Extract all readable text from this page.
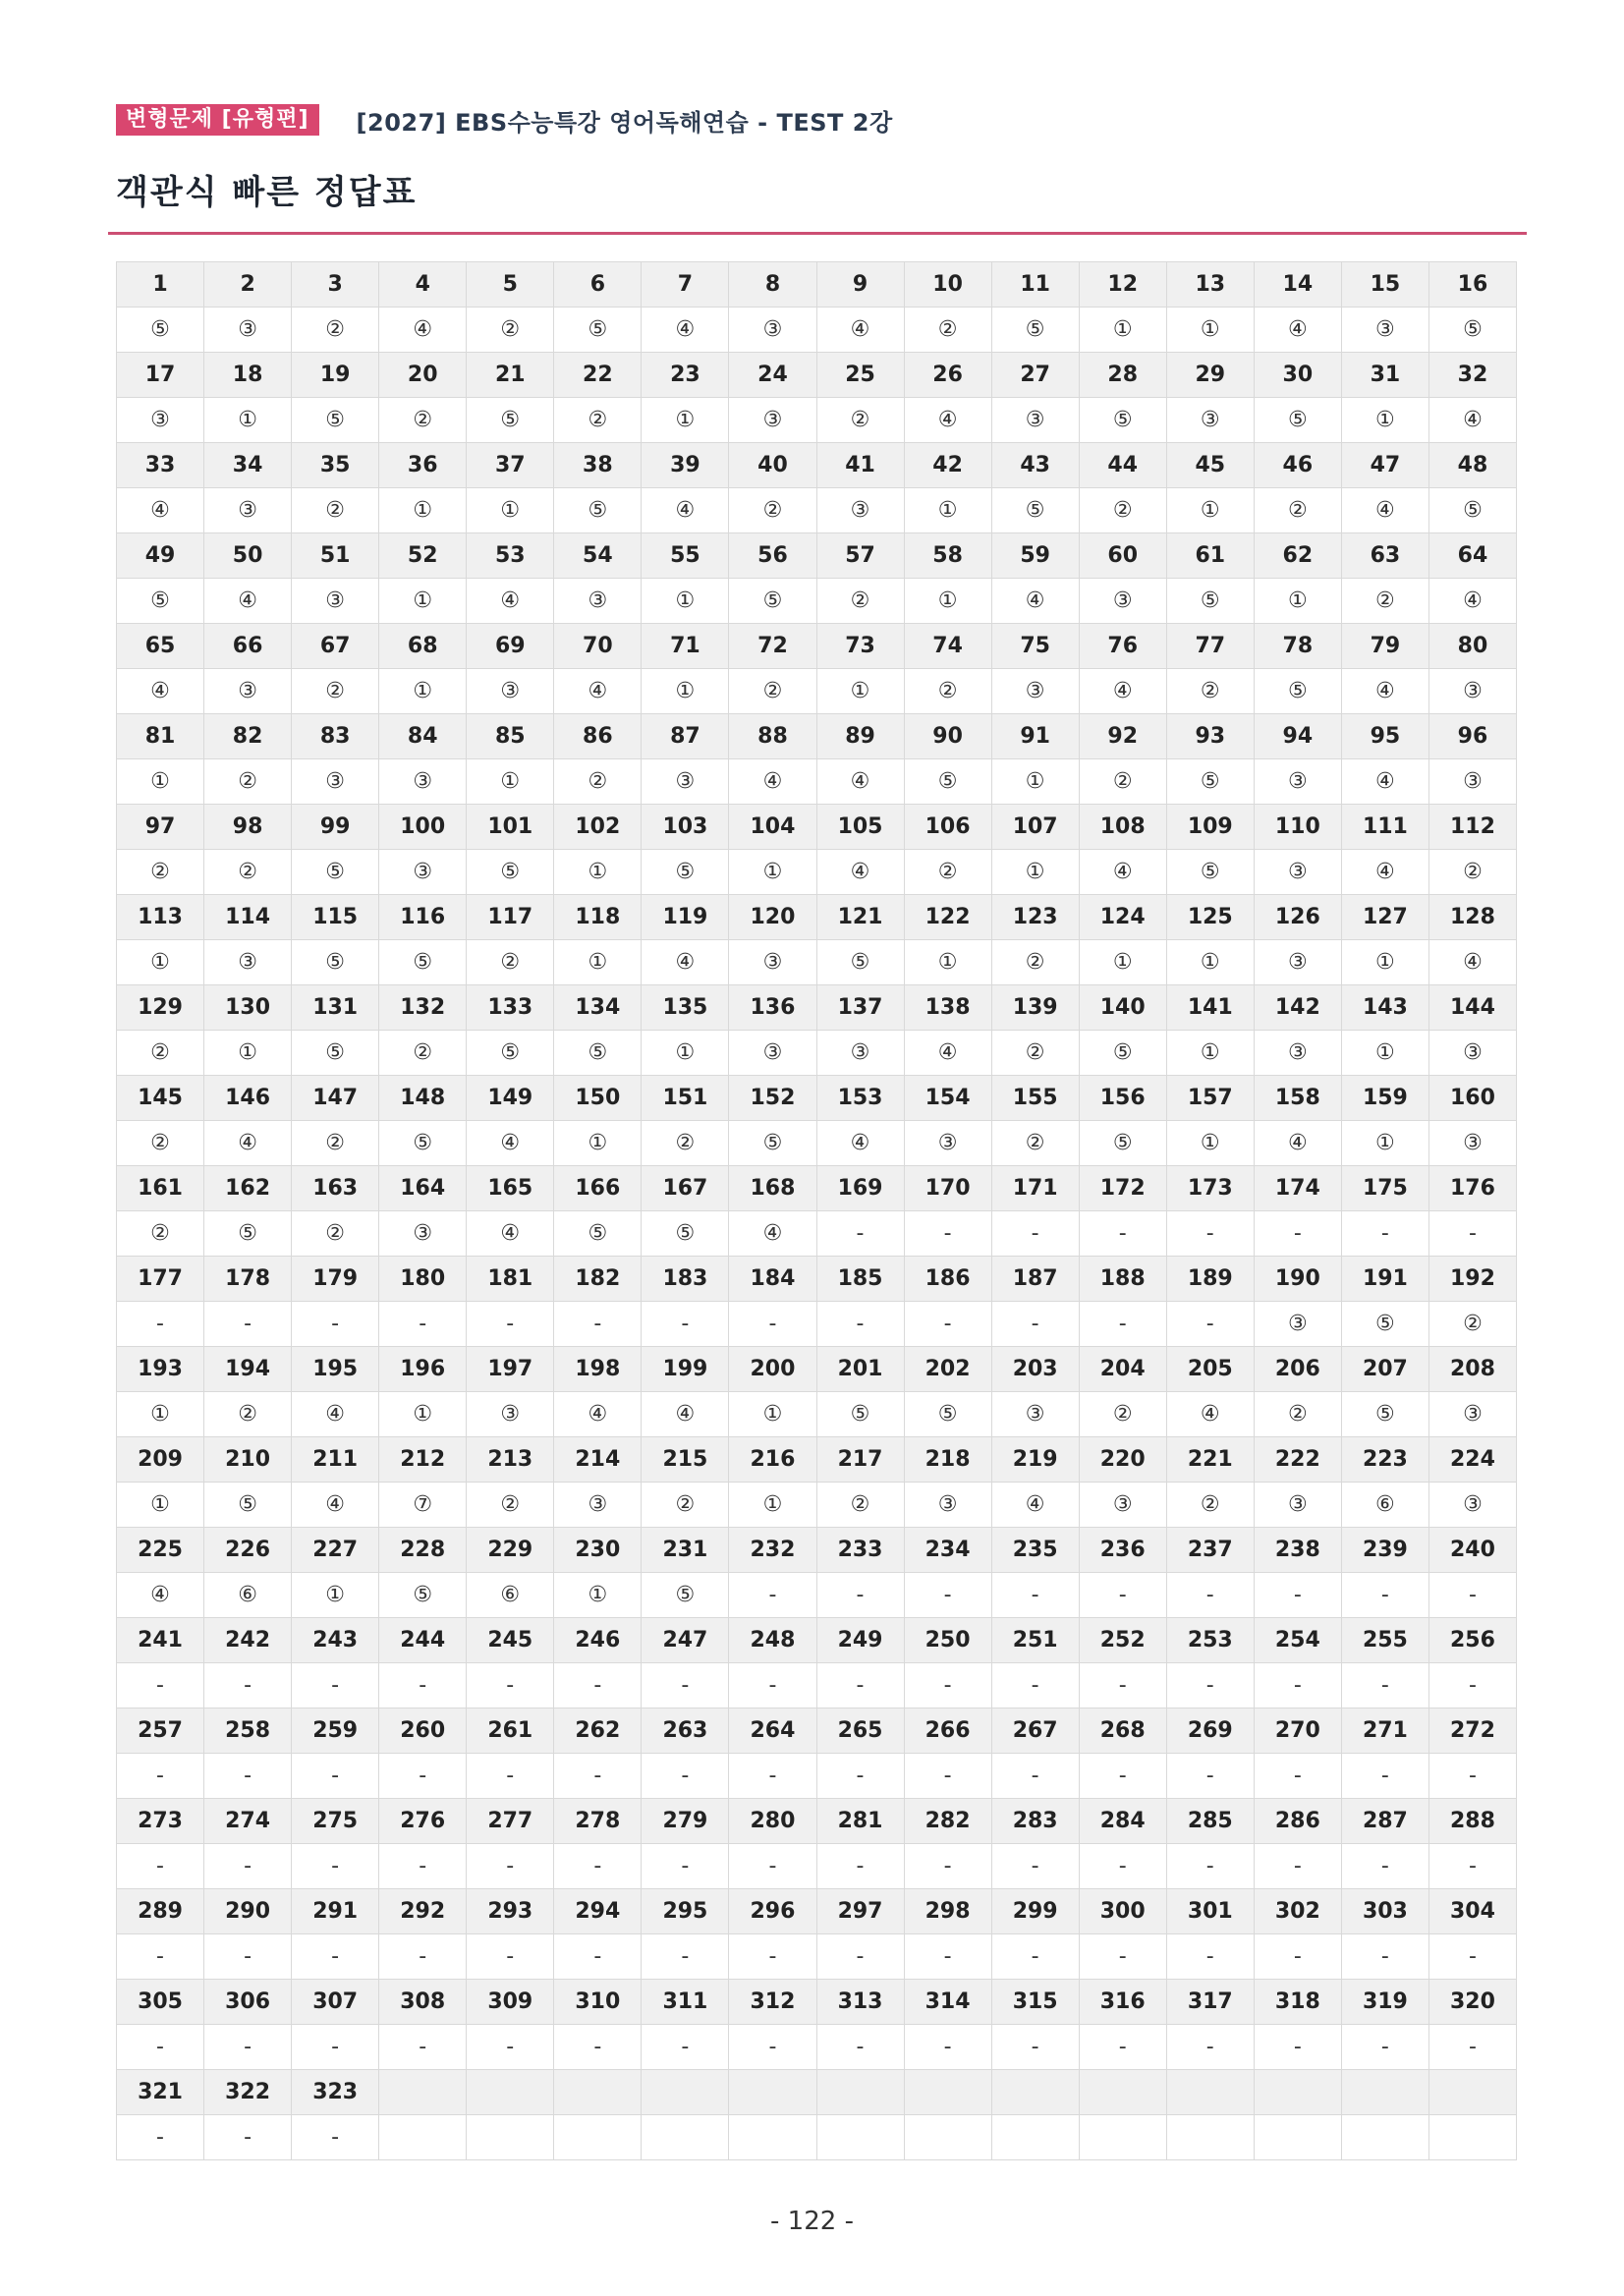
변형문제 [유형편]	[2027] EBS수능특강 영어독해연습 - TEST 2강
객관식 빠른 정답표
1	2	3	4	5	6	7	8	9	10	11	12	13	14	15	16
⑤	③	②	④	②	⑤	④	③	④	②	⑤	①	①	④	③	⑤
17	18	19	20	21	22	23	24	25	26	27	28	29	30	31	32
③	①	⑤	②	⑤	②	①	③	②	④	③	⑤	③	⑤	①	④
33	34	35	36	37	38	39	40	41	42	43	44	45	46	47	48
④	③	②	①	①	⑤	④	②	③	①	⑤	②	①	②	④	⑤
49	50	51	52	53	54	55	56	57	58	59	60	61	62	63	64
⑤	④	③	①	④	③	①	⑤	②	①	④	③	⑤	①	②	④
65	66	67	68	69	70	71	72	73	74	75	76	77	78	79	80
④	③	②	①	③	④	①	②	①	②	③	④	②	⑤	④	③
81	82	83	84	85	86	87	88	89	90	91	92	93	94	95	96
①	②	③	③	①	②	③	④	④	⑤	①	②	⑤	③	④	③
97	98	99	100	101	102	103	104	105	106	107	108	109	110	111	112
②	②	⑤	③	⑤	①	⑤	①	④	②	①	④	⑤	③	④	②
113	114	115	116	117	118	119	120	121	122	123	124	125	126	127	128
①	③	⑤	⑤	②	①	④	③	⑤	①	②	①	①	③	①	④
129	130	131	132	133	134	135	136	137	138	139	140	141	142	143	144
②	①	⑤	②	⑤	⑤	①	③	③	④	②	⑤	①	③	①	③
145	146	147	148	149	150	151	152	153	154	155	156	157	158	159	160
②	④	②	⑤	④	①	②	⑤	④	③	②	⑤	①	④	①	③
161	162	163	164	165	166	167	168	169	170	171	172	173	174	175	176
②	⑤	②	③	④	⑤	⑤	④	-	-	-	-	-	-	-	-
177	178	179	180	181	182	183	184	185	186	187	188	189	190	191	192
-	-	-	-	-	-	-	-	-	-	-	-	-	③	⑤	②
193	194	195	196	197	198	199	200	201	202	203	204	205	206	207	208
①	②	④	①	③	④	④	①	⑤	⑤	③	②	④	②	⑤	③
209	210	211	212	213	214	215	216	217	218	219	220	221	222	223	224
①	⑤	④	⑦	②	③	②	①	②	③	④	③	②	③	⑥	③
225	226	227	228	229	230	231	232	233	234	235	236	237	238	239	240
④	⑥	①	⑤	⑥	①	⑤	-	-	-	-	-	-	-	-	-
241	242	243	244	245	246	247	248	249	250	251	252	253	254	255	256
-	-	-	-	-	-	-	-	-	-	-	-	-	-	-	-
257	258	259	260	261	262	263	264	265	266	267	268	269	270	271	272
-	-	-	-	-	-	-	-	-	-	-	-	-	-	-	-
273	274	275	276	277	278	279	280	281	282	283	284	285	286	287	288
-	-	-	-	-	-	-	-	-	-	-	-	-	-	-	-
289	290	291	292	293	294	295	296	297	298	299	300	301	302	303	304
-	-	-	-	-	-	-	-	-	-	-	-	-	-	-	-
305	306	307	308	309	310	311	312	313	314	315	316	317	318	319	320
-	-	-	-	-	-	-	-	-	-	-	-	-	-	-	-
321	322	323													
-	-	-													
- 122 -
